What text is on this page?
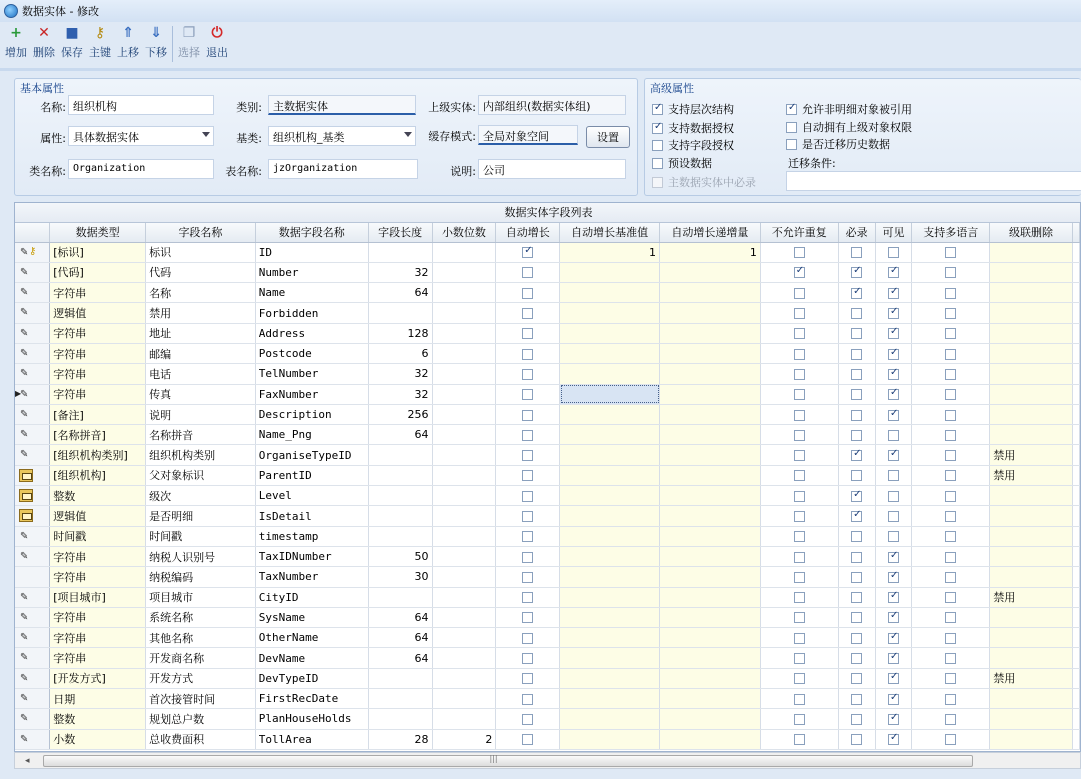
数据实体 - 修改
+
增加
✕
删除
■
保存
⚷
主键
⇑
上移
⇓
下移
❐
选择
⏻
退出
基本属性
名称: 组织机构	类别:	主数据实体	上级实体: 内部组织(数据实体组)
属性: 具体数据实体	基类:	组织机构_基类	缓存模式: 全局对象空间	设置
类名称: Organization	表名称:	jzOrganization	说明: 公司
高级属性
✓
支持层次结构
✓
支持数据授权
支持字段授权
预设数据
主数据实体中必录
✓
允许非明细对象被引用
自动拥有上级对象权限
是否迁移历史数据
迁移条件:
数据实体字段列表
	数据类型	字段名称	数据字段名称	字段长度	小数位数	自动增长	自动增长基准值	自动增长递增量	不允许重复	必录	可见	支持多语言	级联删除	

✎ ⚷	[标识]	标识	ID			✓	1	1						

✎	[代码]	代码	Number	32					✓	✓	✓			

✎	字符串	名称	Name	64						✓	✓			

✎	逻辑值	禁用	Forbidden								✓			

✎	字符串	地址	Address	128							✓			

✎	字符串	邮编	Postcode	6							✓			

✎	字符串	电话	TelNumber	32							✓			

▶
✎	字符串	传真	FaxNumber	32							✓			

✎	[备注]	说明	Description	256							✓			

✎	[名称拼音]	名称拼音	Name_Png	64										

✎	[组织机构类别]	组织机构类别	OrganiseTypeID							✓	✓		禁用	

	[组织机构]	父对象标识	ParentID										禁用	

	整数	级次	Level							✓				

	逻辑值	是否明细	IsDetail							✓				

✎	时间戳	时间戳	timestamp											

✎	字符串	纳税人识别号	TaxIDNumber	50							✓			
	字符串	纳税编码	TaxNumber	30							✓			

✎	[项目城市]	项目城市	CityID								✓		禁用	

✎	字符串	系统名称	SysName	64							✓			

✎	字符串	其他名称	OtherName	64							✓			

✎	字符串	开发商名称	DevName	64							✓			

✎	[开发方式]	开发方式	DevTypeID								✓		禁用	

✎	日期	首次接管时间	FirstRecDate								✓			

✎	整数	规划总户数	PlanHouseHolds								✓			

✎	小数	总收费面积	TollArea	28	2						✓			
◂	|||
